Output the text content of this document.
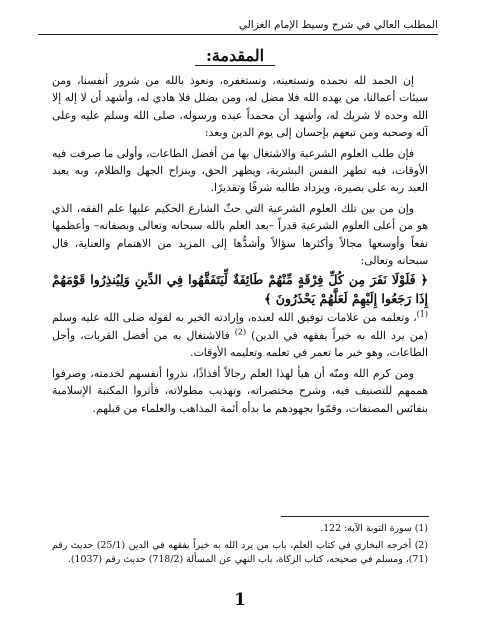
المطلب العالي في شرح وسيط الإمام الغزالي
المقدمة:

إن الحمد لله نحمده ونستعينه، ونستغفره، ونعوذ بالله من شرور أنفسنا، ومن سيئات أعمالنا، من يهده الله فلا مضل له، ومن يضلل فلا هادي له، وأشهد أن لا إله إلا الله وحده لا شريك له، وأشهد أن محمداً عبده ورسوله، صلى الله وسلم عليه وعلى آله وصحبه ومن تبعهم بإحسان إلى يوم الدين وبعد:

فإن طلب العلوم الشرعية والاشتغال بها من أفضل الطاعات، وأولى ما صرفت فيه الأوقات، فبه تطهر النفس البشرية، ويظهر الحق، وينزاح الجهل والظلام، وبه يعبد العبد ربه على بصيرة، ويزداد طالبه شرفًا وتقديرًا.

وإن من بين تلك العلوم الشرعية التي حثّ الشارع الحكيم عليها علم الفقه، الذي هو من أعلى العلوم الشرعية قدراً –بعد العلم بالله سبحانه وتعالى وبصفاته– وأعظمها نفعاً وأوسعها مجالاً وأكثرها سؤالاً وأشدُّها إلى المزيد من الاهتمام والعناية، قال سبحانه وتعالى:
﴿ فَلَوْلَا نَفَرَ مِن كُلِّ فِرْقَةٍ مِّنْهُمْ طَائِفَةٌ لِّيَتَفَقَّهُوا فِي الدِّينِ وَلِيُنذِرُوا قَوْمَهُمْ إِذَا رَجَعُوا إِلَيْهِمْ لَعَلَّهُمْ يَحْذَرُونَ ﴾
$^{(1)}$، وتعلمه من علامات توفيق الله لعبده، وإرادته الخير به لقوله صلى الله عليه وسلم (من يرد الله به خيراً يفقهه في الدين) $^{(2)}$ فالاشتغال به من أفضل القربات، وأجل الطاعات، وهو خير ما تعمر في تعلمه وتعليمه الأوقات.

ومن كرم الله ومنّه أن هيأ لهذا العلم رجالاً أفذاذًا، نذروا أنفسهم لخدمته، وصرفوا هممهم للتصنيف فيه، وشرح مختصراته، وتهذيب مطولاته، فأثروا المكتبة الإسلامية بنفائس المصنفات، وقمّوا بجهودهم ما بدأه أئمة المذاهب والعلماء من قبلهم.

(1) سورة التوبة الآية: 122.
(2) أخرجه البخاري في كتاب العلم، باب من يرد الله به خيراً يفقهه في الدين (25/1) حديث رقم (71)، ومسلم في صحيحه، كتاب الزكاة، باب النهي عن المسألة (718/2) حديث رقم (1037).
1
